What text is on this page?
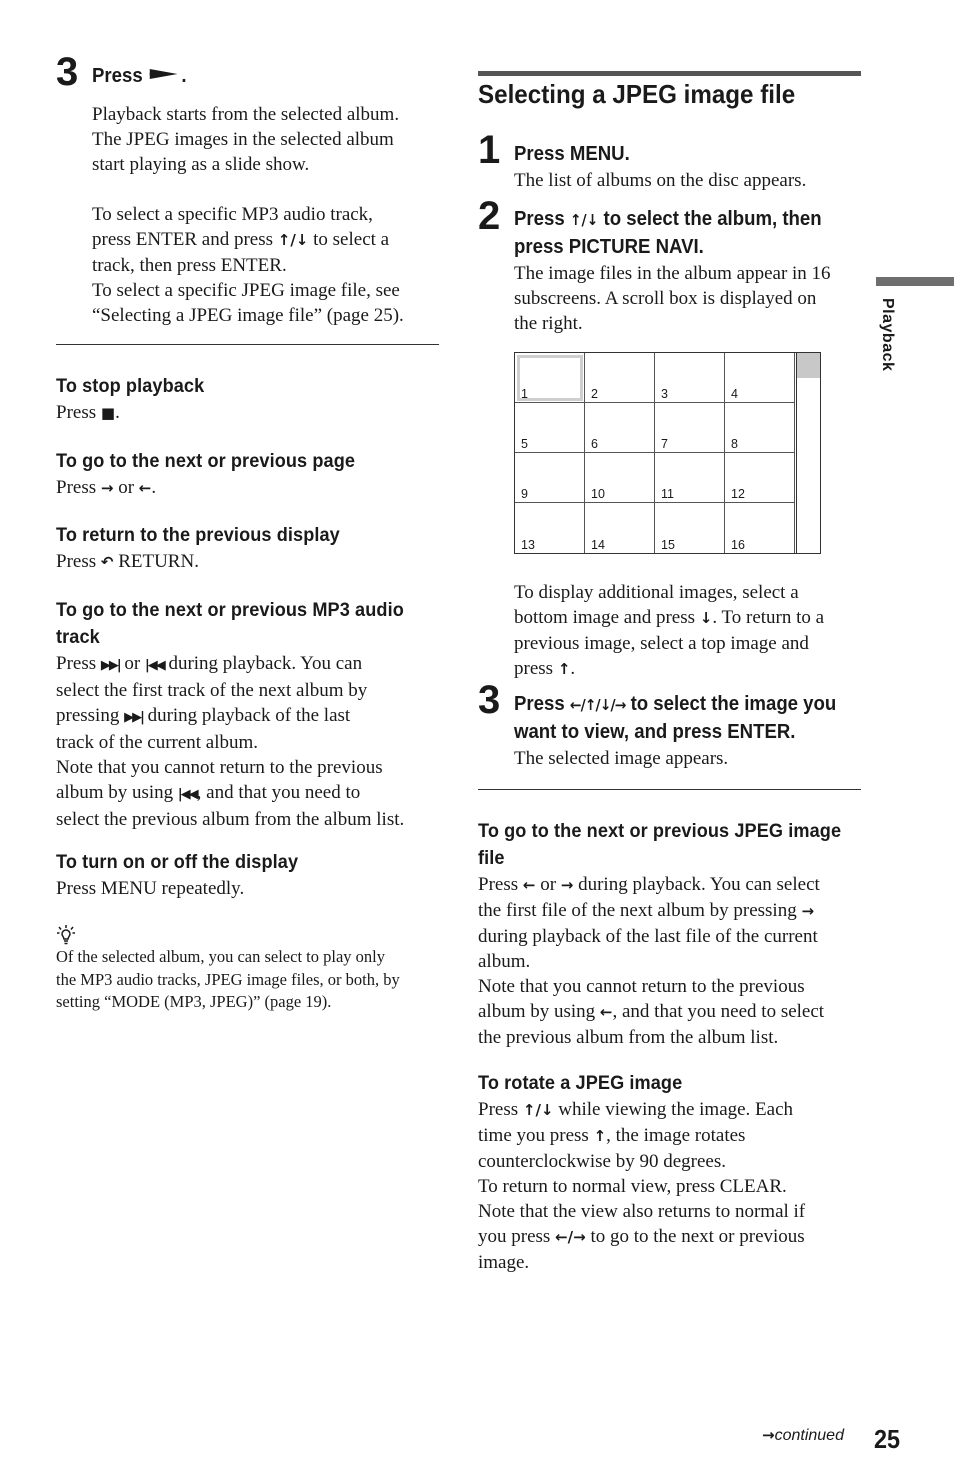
3 Press .

Playback starts from the selected album.

The JPEG images in the selected album

start playing as a slide show.

To select a specific MP3 audio track,

press ENTER and press ↑/↓ to select a

track, then press ENTER.

To select a specific JPEG image file, see

“Selecting a JPEG image file” (page 25).

To stop playback

Press ■.

To go to the next or previous page

Press → or ←.

To return to the previous display

Press ↶ RETURN.

To go to the next or previous MP3 audio

track

Press ▶▶| or |◀◀ during playback. You can

select the first track of the next album by

pressing ▶▶| during playback of the last

track of the current album.

Note that you cannot return to the previous

album by using |◀◀, and that you need to

select the previous album from the album list.

To turn on or off the display

Press MENU repeatedly.

Of the selected album, you can select to play only

the MP3 audio tracks, JPEG image files, or both, by

setting “MODE (MP3, JPEG)” (page 19).

Selecting a JPEG image file
1 Press MENU.

The list of albums on the disc appears.

2 Press ↑/↓ to select the album, then

press PICTURE NAVI.

The image files in the album appear in 16

subscreens. A scroll box is displayed on

the right.

1	2	3	4
5	6	7	8
9	10	11	12
13	14	15	16

To display additional images, select a

bottom image and press ↓. To return to a

previous image, select a top image and

press ↑.

3 Press ←/↑/↓/→ to select the image you

want to view, and press ENTER.

The selected image appears.

To go to the next or previous JPEG image

file

Press ← or → during playback. You can select

the first file of the next album by pressing →

during playback of the last file of the current

album.

Note that you cannot return to the previous

album by using ←, and that you need to select

the previous album from the album list.

To rotate a JPEG image

Press ↑/↓ while viewing the image. Each

time you press ↑, the image rotates

counterclockwise by 90 degrees.

To return to normal view, press CLEAR.

Note that the view also returns to normal if

you press ←/→ to go to the next or previous

image.

Playback
→continued 25
